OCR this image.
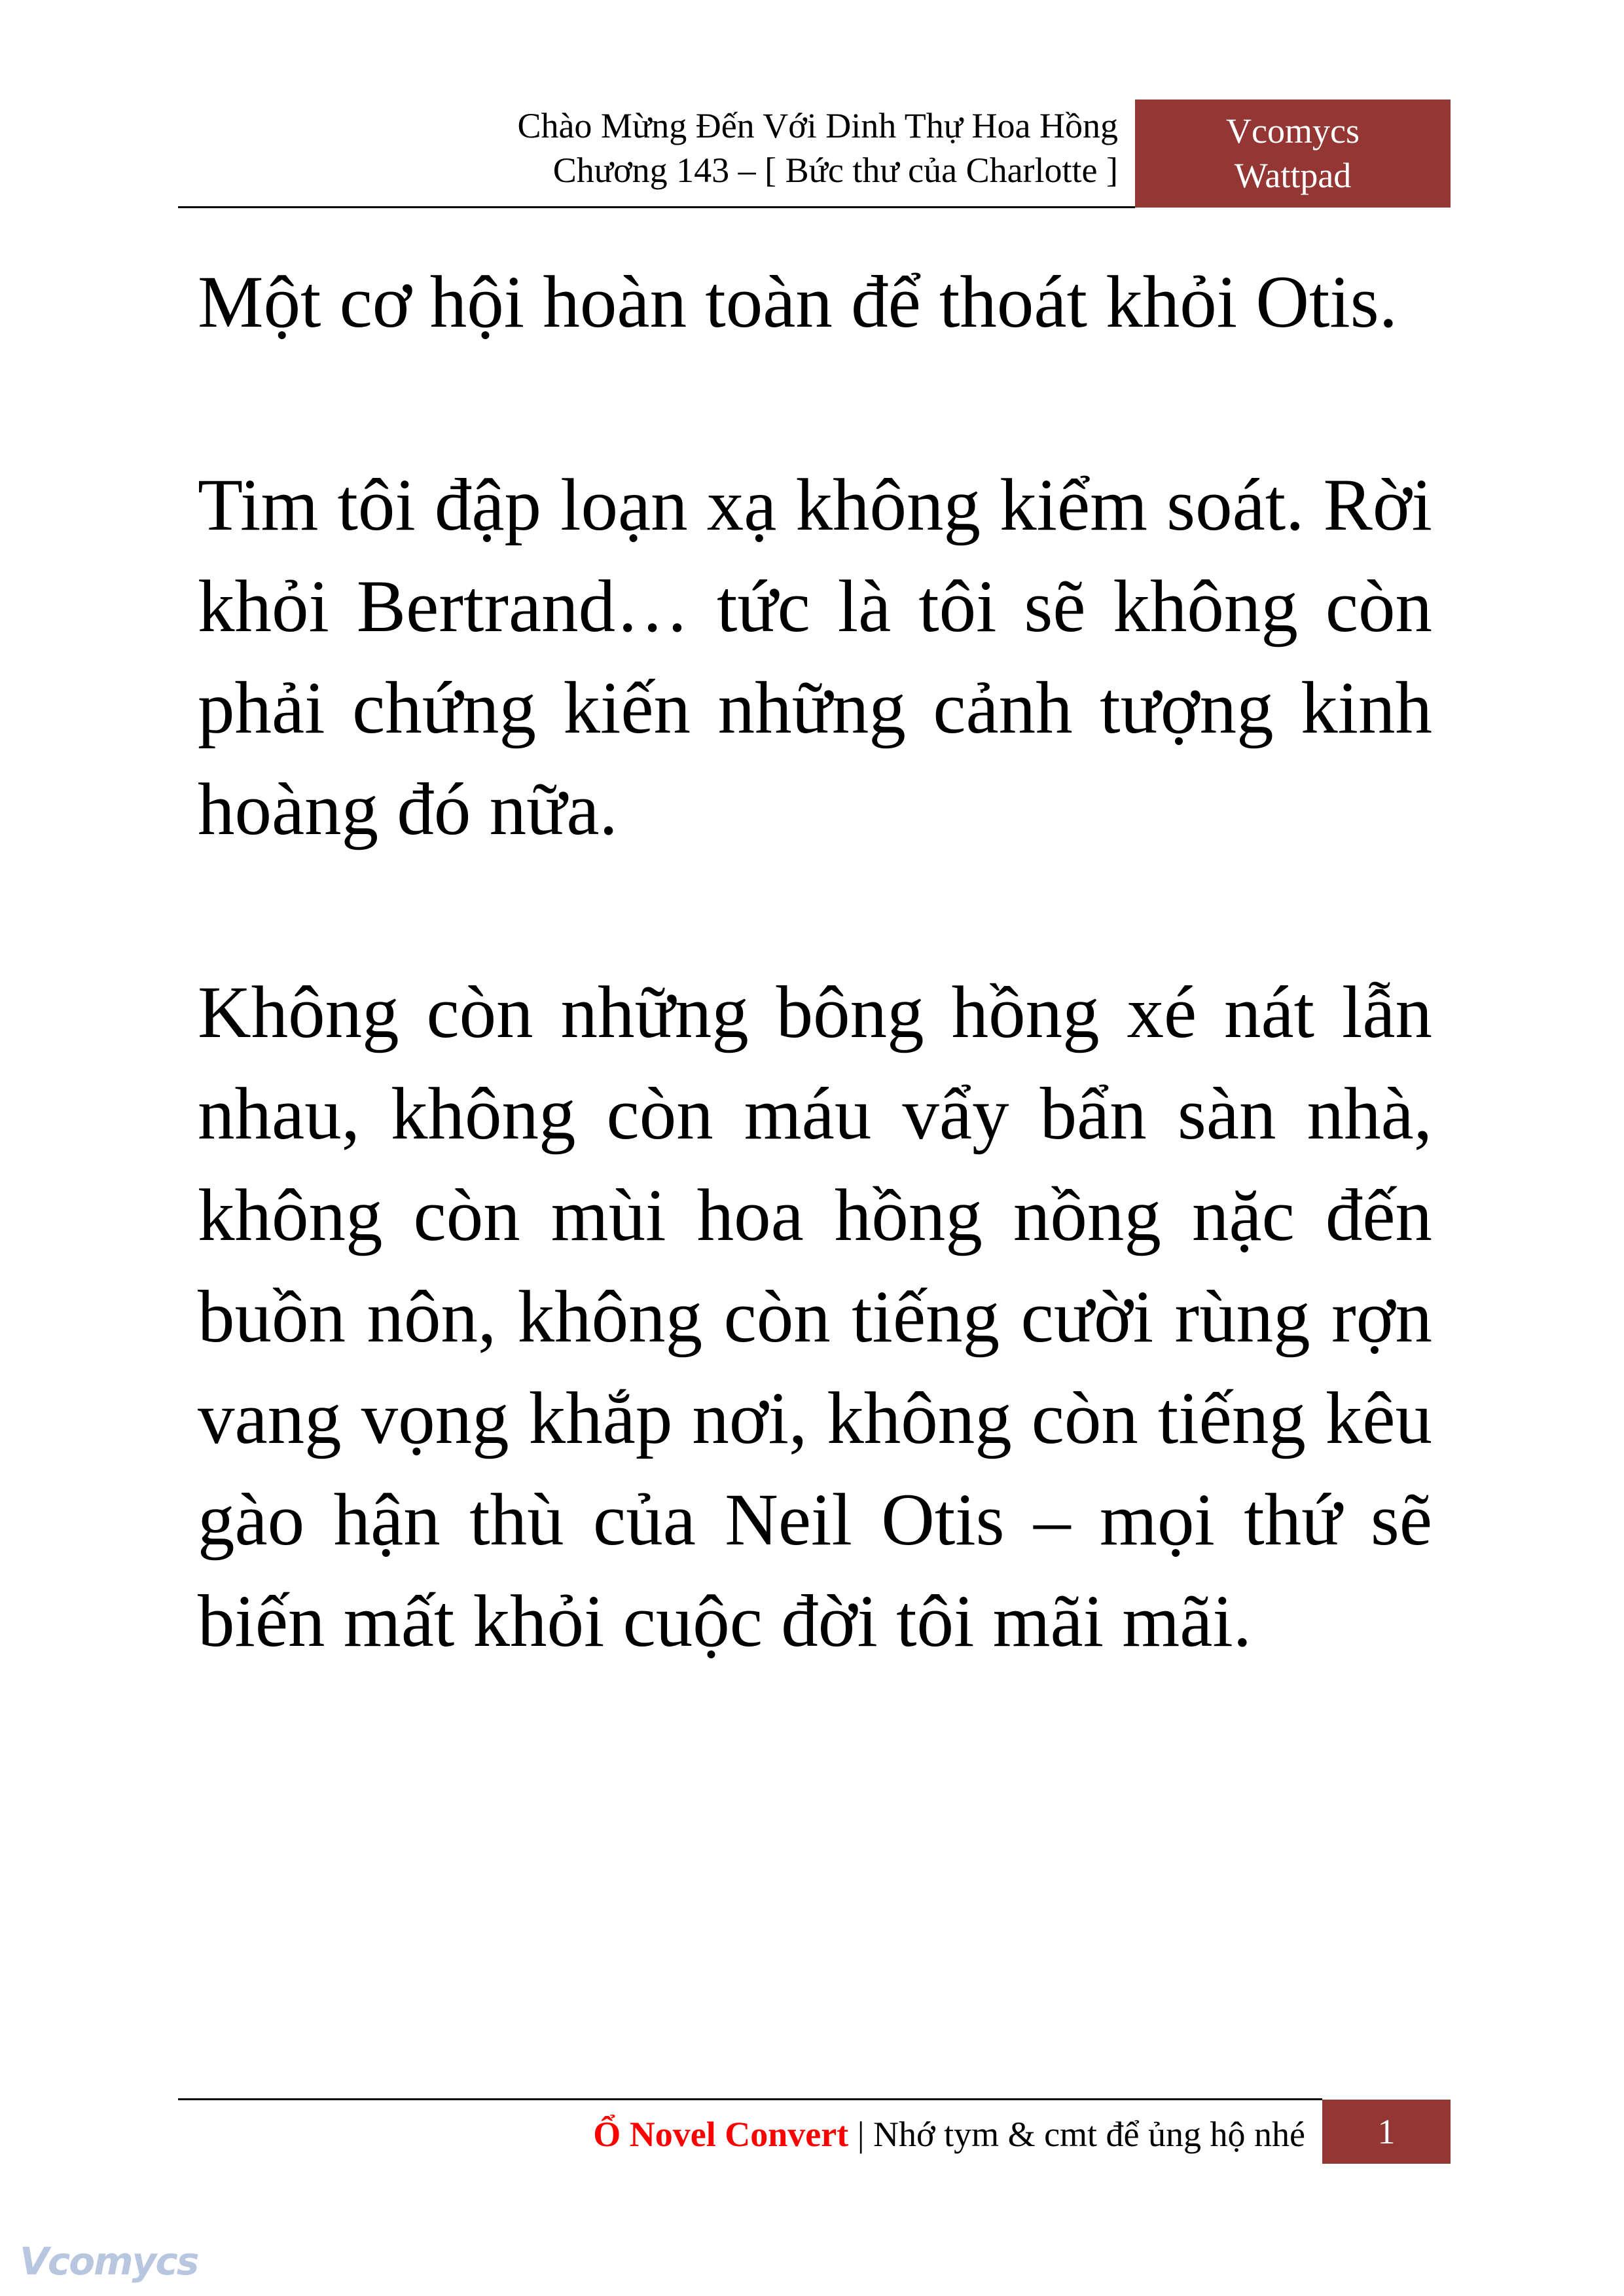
Chào Mừng Đến Với Dinh Thự Hoa Hồng
Chương 143 – [ Bức thư của Charlotte ]
Vcomycs
Wattpad

Một cơ hội hoàn toàn để thoát khỏi Otis.

Tim tôi đập loạn xạ không kiểm soát. Rời khỏi Bertrand… tức là tôi sẽ không còn phải chứng kiến những cảnh tượng kinh hoàng đó nữa.

Không còn những bông hồng xé nát lẫn nhau, không còn máu vẩy bẩn sàn nhà, không còn mùi hoa hồng nồng nặc đến buồn nôn, không còn tiếng cười rùng rợn vang vọng khắp nơi, không còn tiếng kêu gào hận thù của Neil Otis – mọi thứ sẽ biến mất khỏi cuộc đời tôi mãi mãi.

Ổ Novel Convert | Nhớ tym & cmt để ủng hộ nhé	1
Vcomycs
